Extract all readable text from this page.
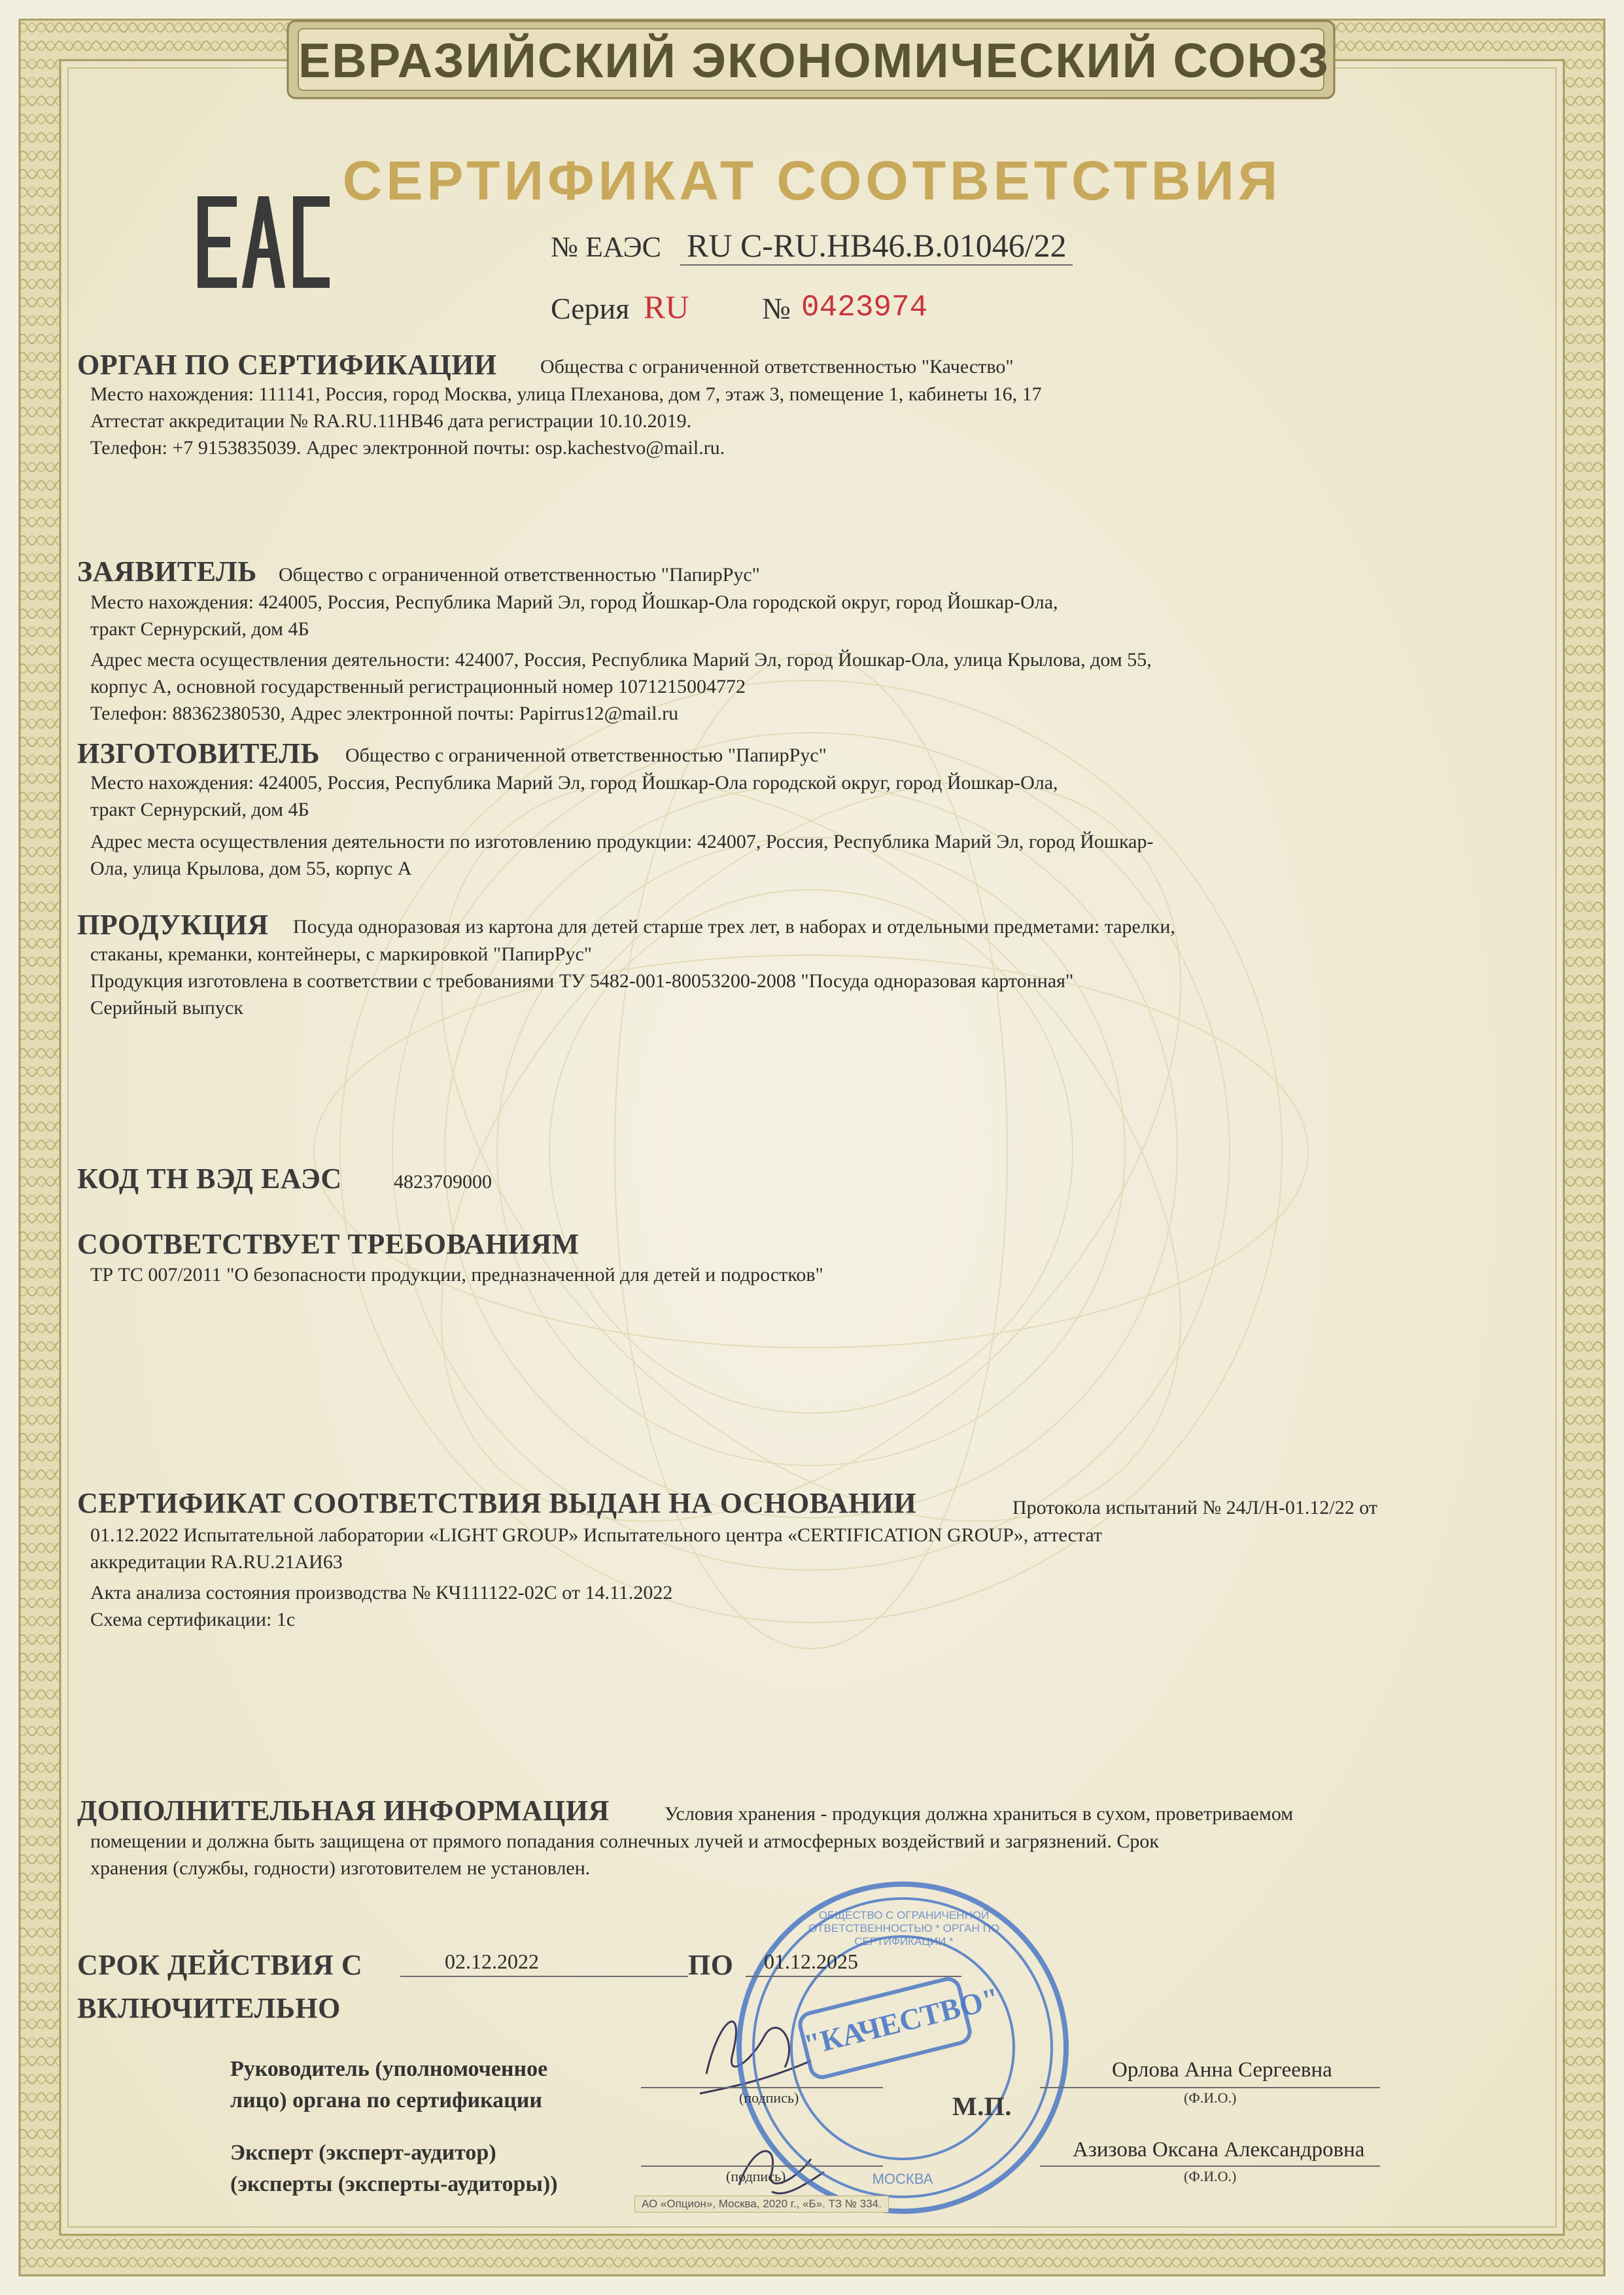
ЕВРАЗИЙСКИЙ ЭКОНОМИЧЕСКИЙ СОЮЗ
СЕРТИФИКАТ СООТВЕТСТВИЯ
№ ЕАЭС RU С-RU.НВ46.В.01046/22
Серия RU № 0423974
ОРГАН ПО СЕРТИФИКАЦИИ Общества с ограниченной ответственностью "Качество"
Место нахождения: 111141, Россия, город Москва, улица Плеханова, дом 7, этаж 3, помещение 1, кабинеты 16, 17
Аттестат аккредитации № RA.RU.11НВ46 дата регистрации 10.10.2019.
Телефон: +7 9153835039. Адрес электронной почты: osp.kachestvo@mail.ru.
ЗАЯВИТЕЛЬ Общество с ограниченной ответственностью "ПапирРус"
Место нахождения: 424005, Россия, Республика Марий Эл, город Йошкар-Ола городской округ, город Йошкар-Ола,
тракт Сернурский, дом 4Б
Адрес места осуществления деятельности: 424007, Россия, Республика Марий Эл, город Йошкар-Ола, улица Крылова, дом 55,
корпус А, основной государственный регистрационный номер 1071215004772
Телефон: 88362380530, Адрес электронной почты: Papirrus12@mail.ru
ИЗГОТОВИТЕЛЬ Общество с ограниченной ответственностью "ПапирРус"
Место нахождения: 424005, Россия, Республика Марий Эл, город Йошкар-Ола городской округ, город Йошкар-Ола,
тракт Сернурский, дом 4Б
Адрес места осуществления деятельности по изготовлению продукции: 424007, Россия, Республика Марий Эл, город Йошкар-
Ола, улица Крылова, дом 55, корпус А
ПРОДУКЦИЯ Посуда одноразовая из картона для детей старше трех лет, в наборах и отдельными предметами: тарелки,
стаканы, креманки, контейнеры, с маркировкой "ПапирРус"
Продукция изготовлена в соответствии с требованиями ТУ 5482-001-80053200-2008 "Посуда одноразовая картонная"
Серийный выпуск
КОД ТН ВЭД ЕАЭС	4823709000
СООТВЕТСТВУЕТ ТРЕБОВАНИЯМ
ТР ТС 007/2011 "О безопасности продукции, предназначенной для детей и подростков"
СЕРТИФИКАТ СООТВЕТСТВИЯ ВЫДАН НА ОСНОВАНИИ	Протокола испытаний № 24Л/Н-01.12/22 от
01.12.2022 Испытательной лаборатории «LIGHT GROUP» Испытательного центра «CERTIFICATION GROUP», аттестат
аккредитации RA.RU.21АИ63
Акта анализа состояния производства № КЧ111122-02С от 14.11.2022
Схема сертификации: 1с
ДОПОЛНИТЕЛЬНАЯ ИНФОРМАЦИЯ	Условия хранения - продукция должна храниться в сухом, проветриваемом
помещении и должна быть защищена от прямого попадания солнечных лучей и атмосферных воздействий и загрязнений. Срок
хранения (службы, годности) изготовителем не установлен.
СРОК ДЕЙСТВИЯ С
ВКЛЮЧИТЕЛЬНО
02.12.2022	ПО 01.12.2025
Руководитель (уполномоченное
лицо) органа по сертификации	(подпись)
Орлова Анна Сергеевна
(Ф.И.О.)
М.П.
Эксперт (эксперт-аудитор)
(эксперты (эксперты-аудиторы))	(подпись)
Азизова Оксана Александровна
(Ф.И.О.)
"КАЧЕСТВО"
ОБЩЕСТВО С ОГРАНИЧЕННОЙ ОТВЕТСТВЕННОСТЬЮ * ОРГАН ПО СЕРТИФИКАЦИИ *
МОСКВА
АО «Опцион», Москва, 2020 г., «Б». ТЗ № 334.
